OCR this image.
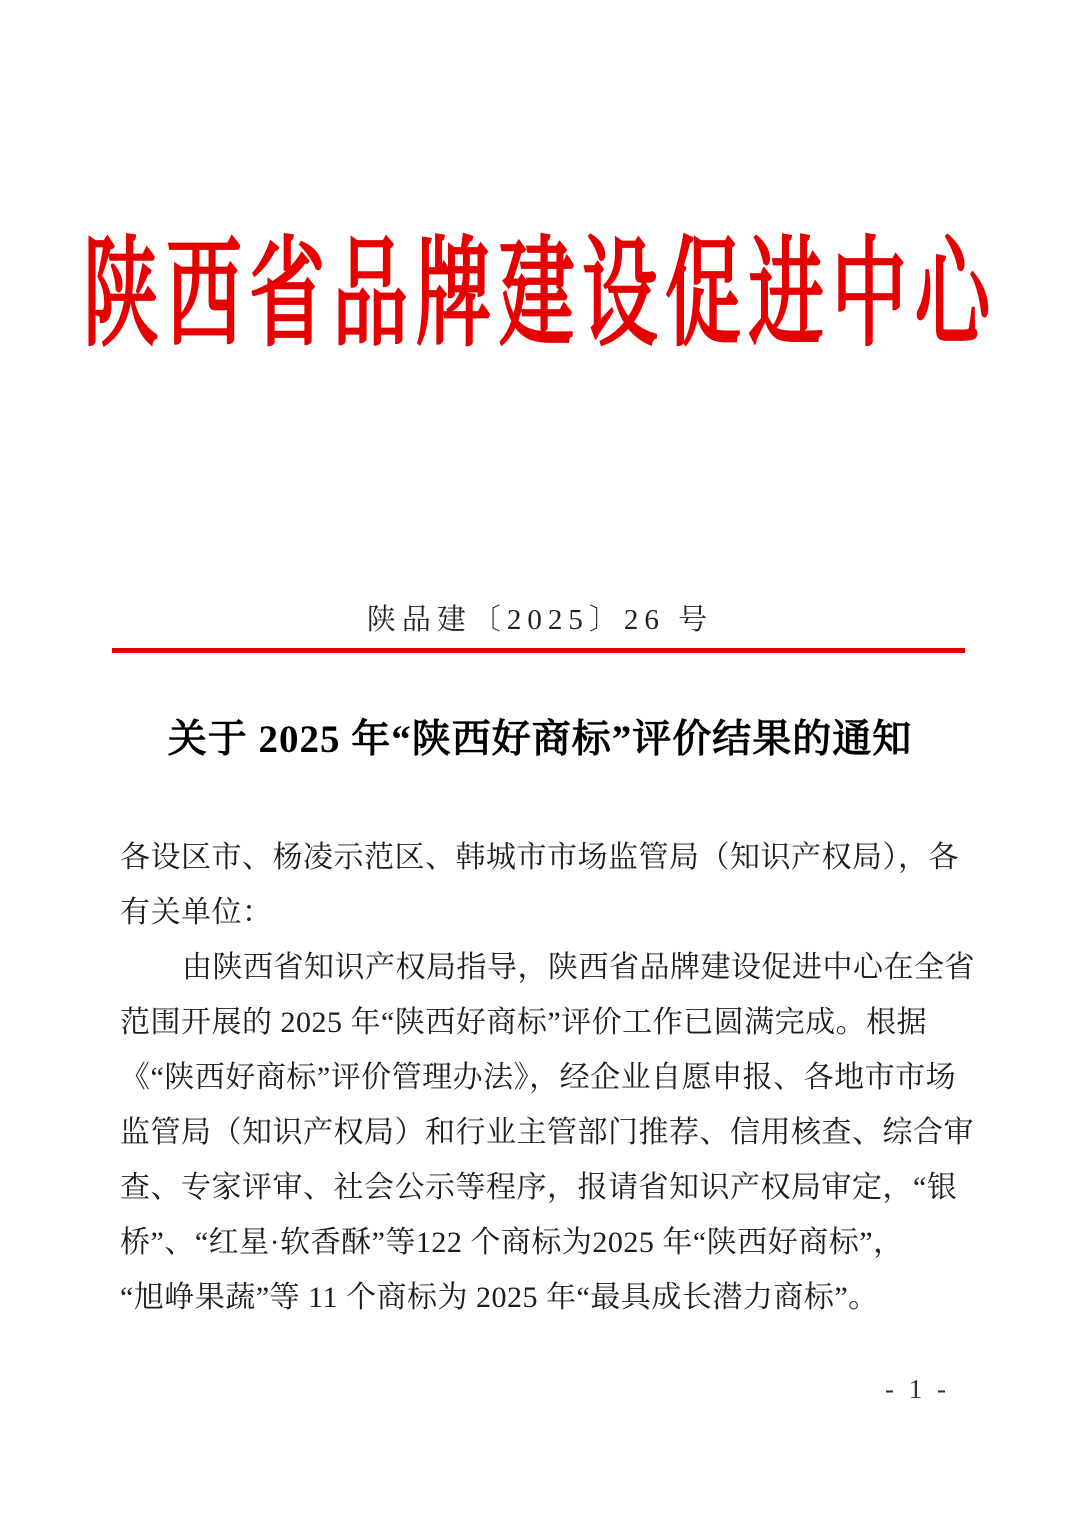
陕西省品牌建设促进中心
陕品建〔2025〕26 号
关于 2025 年“陕西好商标”评价结果的通知
各设区市、杨凌示范区、韩城市市场监管局（知识产权局），各
有关单位：
由陕西省知识产权局指导，陕西省品牌建设促进中心在全省
范围开展的 2025 年“陕西好商标”评价工作已圆满完成。根据
《“陕西好商标”评价管理办法》，经企业自愿申报、各地市市场
监管局（知识产权局）和行业主管部门推荐、信用核查、综合审
查、专家评审、社会公示等程序，报请省知识产权局审定，“银
桥”、“红星·软香酥”等122 个商标为2025 年“陕西好商标”，
“旭峥果蔬”等 11 个商标为 2025 年“最具成长潜力商标”。
- 1 -
